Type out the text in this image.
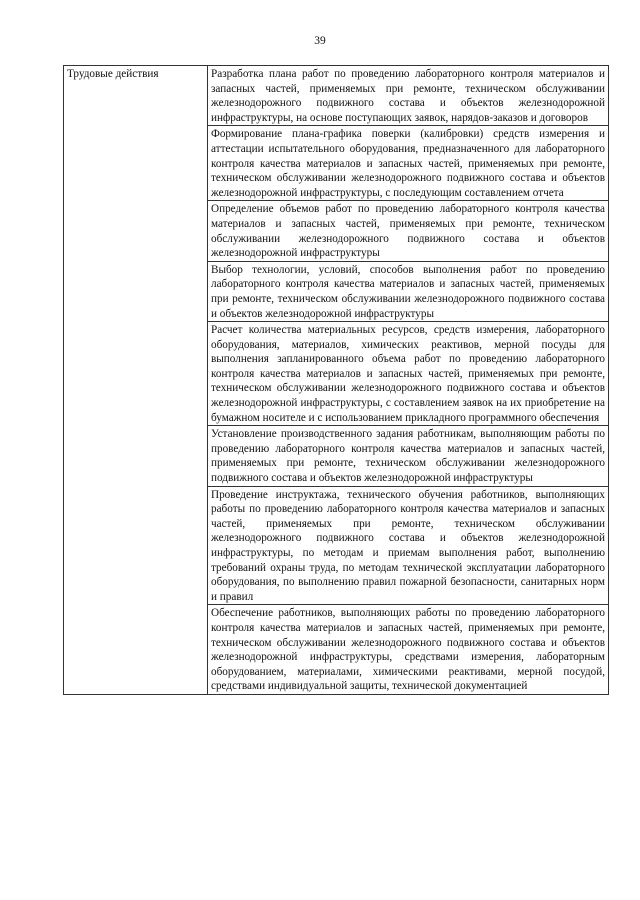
39
Трудовые действия	Разработка плана работ по проведению лабораторного контроля материалов и запасных частей, применяемых при ремонте, техническом обслуживании железнодорожного подвижного состава и объектов железнодорожной инфраструктуры, на основе поступающих заявок, нарядов-заказов и договоров
Формирование плана-графика поверки (калибровки) средств измерения и аттестации испытательного оборудования, предназначенного для лабораторного контроля качества материалов и запасных частей, применяемых при ремонте, техническом обслуживании железнодорожного подвижного состава и объектов железнодорожной инфраструктуры, с последующим составлением отчета
Определение объемов работ по проведению лабораторного контроля качества материалов и запасных частей, применяемых при ремонте, техническом обслуживании железнодорожного подвижного состава и объектов железнодорожной инфраструктуры
Выбор технологии, условий, способов выполнения работ по проведению лабораторного контроля качества материалов и запасных частей, применяемых при ремонте, техническом обслуживании железнодорожного подвижного состава и объектов железнодорожной инфраструктуры
Расчет количества материальных ресурсов, средств измерения, лабораторного оборудования, материалов, химических реактивов, мерной посуды для выполнения запланированного объема работ по проведению лабораторного контроля качества материалов и запасных частей, применяемых при ремонте, техническом обслуживании железнодорожного подвижного состава и объектов железнодорожной инфраструктуры, с составлением заявок на их приобретение на бумажном носителе и с использованием прикладного программного обеспечения
Установление производственного задания работникам, выполняющим работы по проведению лабораторного контроля качества материалов и запасных частей, применяемых при ремонте, техническом обслуживании железнодорожного подвижного состава и объектов железнодорожной инфраструктуры
Проведение инструктажа, технического обучения работников, выполняющих работы по проведению лабораторного контроля качества материалов и запасных частей, применяемых при ремонте, техническом обслуживании железнодорожного подвижного состава и объектов железнодорожной инфраструктуры, по методам и приемам выполнения работ, выполнению требований охраны труда, по методам технической эксплуатации лабораторного оборудования, по выполнению правил пожарной безопасности, санитарных норм и правил
Обеспечение работников, выполняющих работы по проведению лабораторного контроля качества материалов и запасных частей, применяемых при ремонте, техническом обслуживании железнодорожного подвижного состава и объектов железнодорожной инфраструктуры, средствами измерения, лабораторным оборудованием, материалами, химическими реактивами, мерной посудой, средствами индивидуальной защиты, технической документацией
